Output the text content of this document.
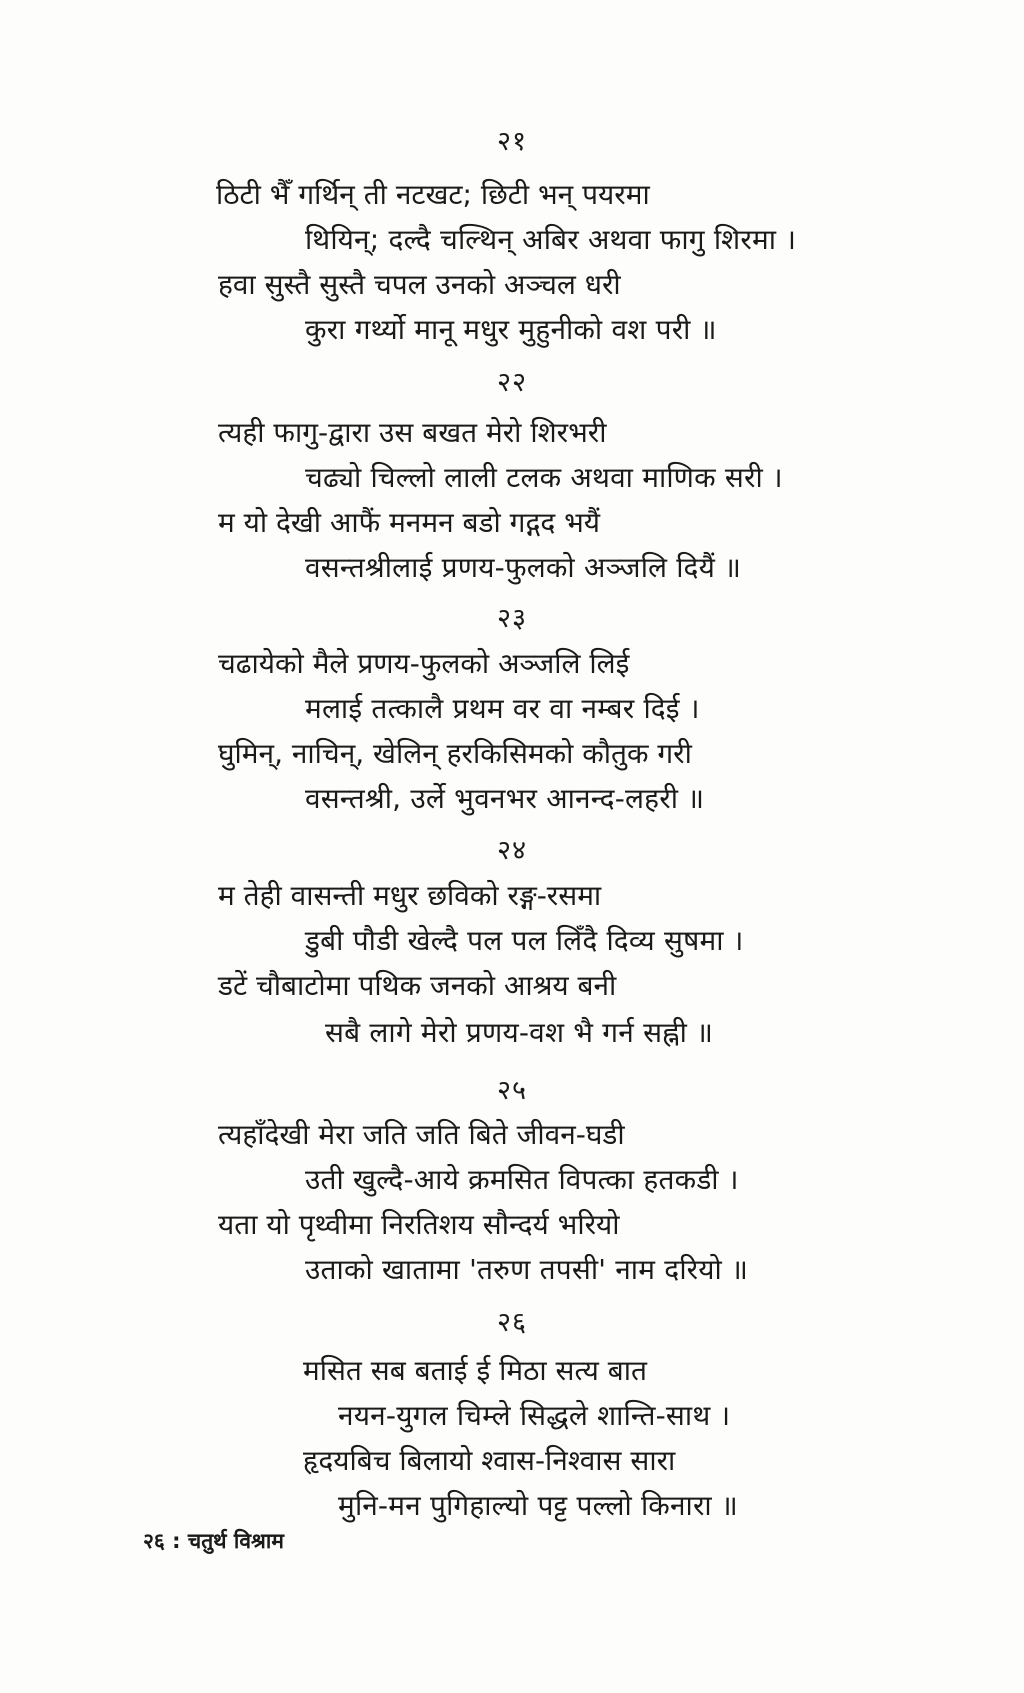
२१
ठिटी भैँ गर्थिन् ती नटखट; छिटी भन् पयरमा
थियिन्; दल्दै चल्थिन् अबिर अथवा फागु शिरमा ।
हवा सुस्तै सुस्तै चपल उनको अञ्चल धरी
कुरा गर्थ्यो मानू मधुर मुहुनीको वश परी ॥
२२
त्यही फागु-द्वारा उस बखत मेरो शिरभरी
चढ्यो चिल्लो लाली टलक अथवा माणिक सरी ।
म यो देखी आफैं मनमन बडो गद्गद भयैं
वसन्तश्रीलाई प्रणय-फुलको अञ्जलि दियैं ॥
२३
चढायेको मैले प्रणय-फुलको अञ्जलि लिई
मलाई तत्कालै प्रथम वर वा नम्बर दिई ।
घुमिन्, नाचिन्, खेलिन् हरकिसिमको कौतुक गरी
वसन्तश्री, उर्ले भुवनभर आनन्द-लहरी ॥
२४
म तेही वासन्ती मधुर छविको रङ्ग-रसमा
डुबी पौडी खेल्दै पल पल लिँदै दिव्य सुषमा ।
डटें चौबाटोमा पथिक जनको आश्रय बनी
सबै लागे मेरो प्रणय-वश भै गर्न सह्नी ॥
२५
त्यहाँदेखी मेरा जति जति बिते जीवन-घडी
उती खुल्दै-आये क्रमसित विपत्का हतकडी ।
यता यो पृथ्वीमा निरतिशय सौन्दर्य भरियो
उताको खातामा 'तरुण तपसी' नाम दरियो ॥
२६
मसित सब बताई ई मिठा सत्य बात
नयन-युगल चिम्ले सिद्धले शान्ति-साथ ।
हृदयबिच बिलायो श्वास-निश्वास सारा
मुनि-मन पुगिहाल्यो पट्ट पल्लो किनारा ॥
२६ : चतुर्थ विश्राम
